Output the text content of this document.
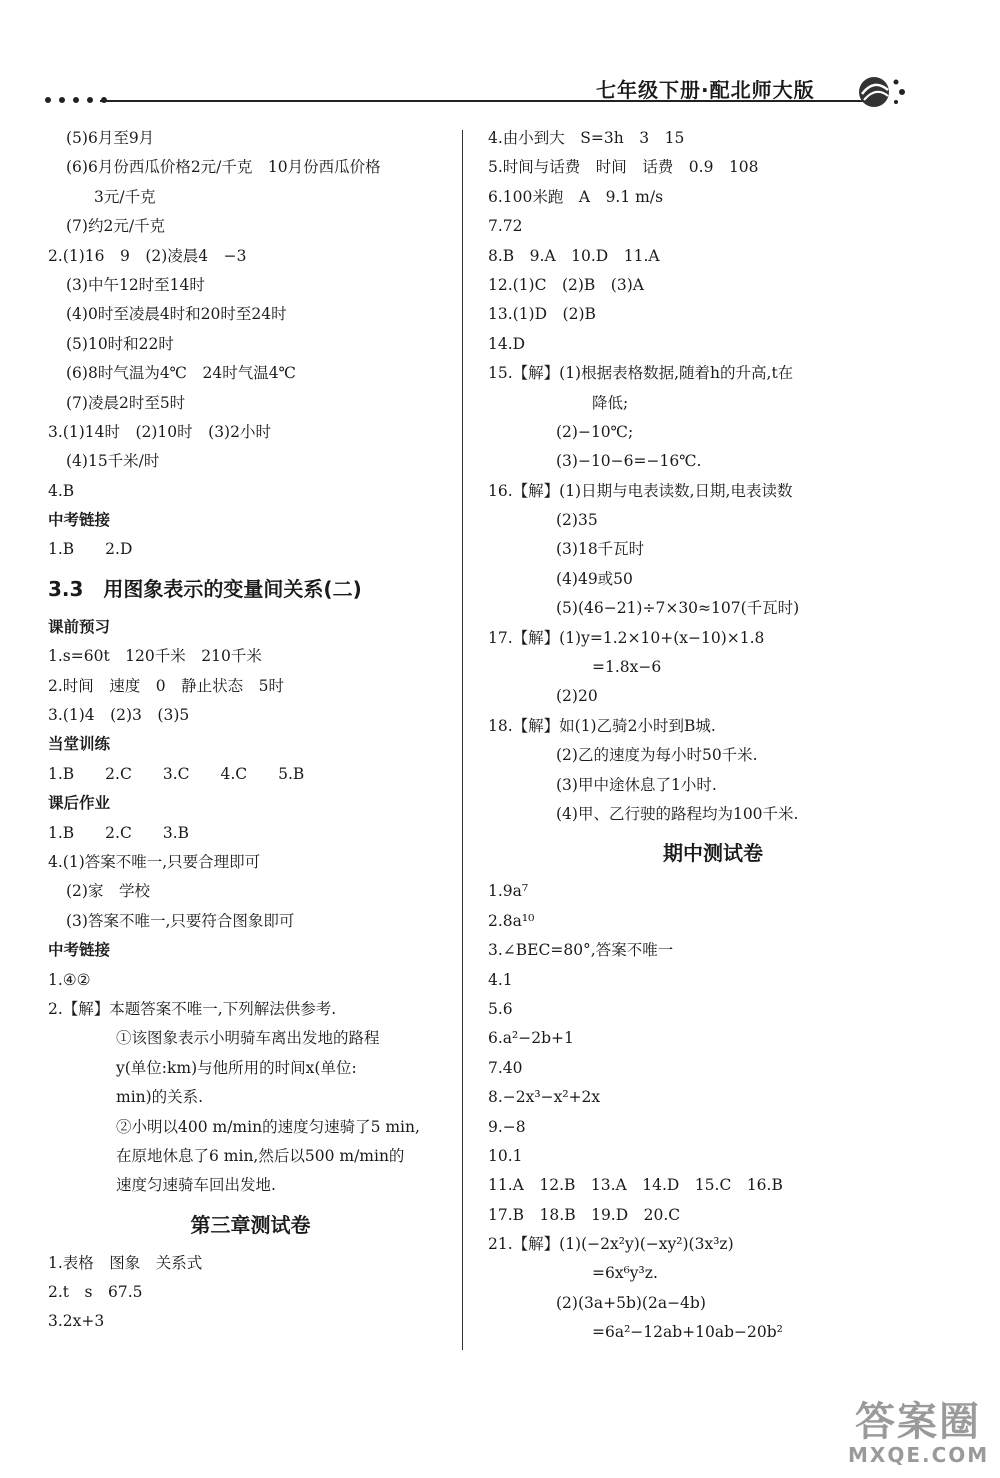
七年级下册·配北师大版
(5)6月至9月
(6)6月份西瓜价格2元/千克　10月份西瓜价格
3元/千克
(7)约2元/千克
2.(1)16　9　(2)凌晨4　−3
(3)中午12时至14时
(4)0时至凌晨4时和20时至24时
(5)10时和22时
(6)8时气温为4℃　24时气温4℃
(7)凌晨2时至5时
3.(1)14时　(2)10时　(3)2小时
(4)15千米/时
4.B
中考链接
1.B　　2.D
3.3　用图象表示的变量间关系(二)
课前预习
1.s=60t　120千米　210千米
2.时间　速度　0　静止状态　5时
3.(1)4　(2)3　(3)5
当堂训练
1.B　　2.C　　3.C　　4.C　　5.B
课后作业
1.B　　2.C　　3.B
4.(1)答案不唯一,只要合理即可
(2)家　学校
(3)答案不唯一,只要符合图象即可
中考链接
1.④②
2.【解】本题答案不唯一,下列解法供参考.
①该图象表示小明骑车离出发地的路程
y(单位:km)与他所用的时间x(单位:
min)的关系.
②小明以400 m/min的速度匀速骑了5 min,
在原地休息了6 min,然后以500 m/min的
速度匀速骑车回出发地.
第三章测试卷
1.表格　图象　关系式
2.t　s　67.5
3.2x+3
4.由小到大　S=3h　3　15
5.时间与话费　时间　话费　0.9　108
6.100米跑　A　9.1 m/s
7.72
8.B　9.A　10.D　11.A
12.(1)C　(2)B　(3)A
13.(1)D　(2)B
14.D
15.【解】(1)根据表格数据,随着h的升高,t在
降低;
(2)−10℃;
(3)−10−6=−16℃.
16.【解】(1)日期与电表读数,日期,电表读数
(2)35
(3)18千瓦时
(4)49或50
(5)(46−21)÷7×30≈107(千瓦时)
17.【解】(1)y=1.2×10+(x−10)×1.8
=1.8x−6
(2)20
18.【解】如(1)乙骑2小时到B城.
(2)乙的速度为每小时50千米.
(3)甲中途休息了1小时.
(4)甲、乙行驶的路程均为100千米.
期中测试卷
1.9a⁷
2.8a¹⁰
3.∠BEC=80°,答案不唯一
4.1
5.6
6.a²−2b+1
7.40
8.−2x³−x²+2x
9.−8
10.1
11.A　12.B　13.A　14.D　15.C　16.B
17.B　18.B　19.D　20.C
21.【解】(1)(−2x²y)(−xy²)(3x³z)
=6x⁶y³z.
(2)(3a+5b)(2a−4b)
=6a²−12ab+10ab−20b²
答案圈
MXQE.COM
